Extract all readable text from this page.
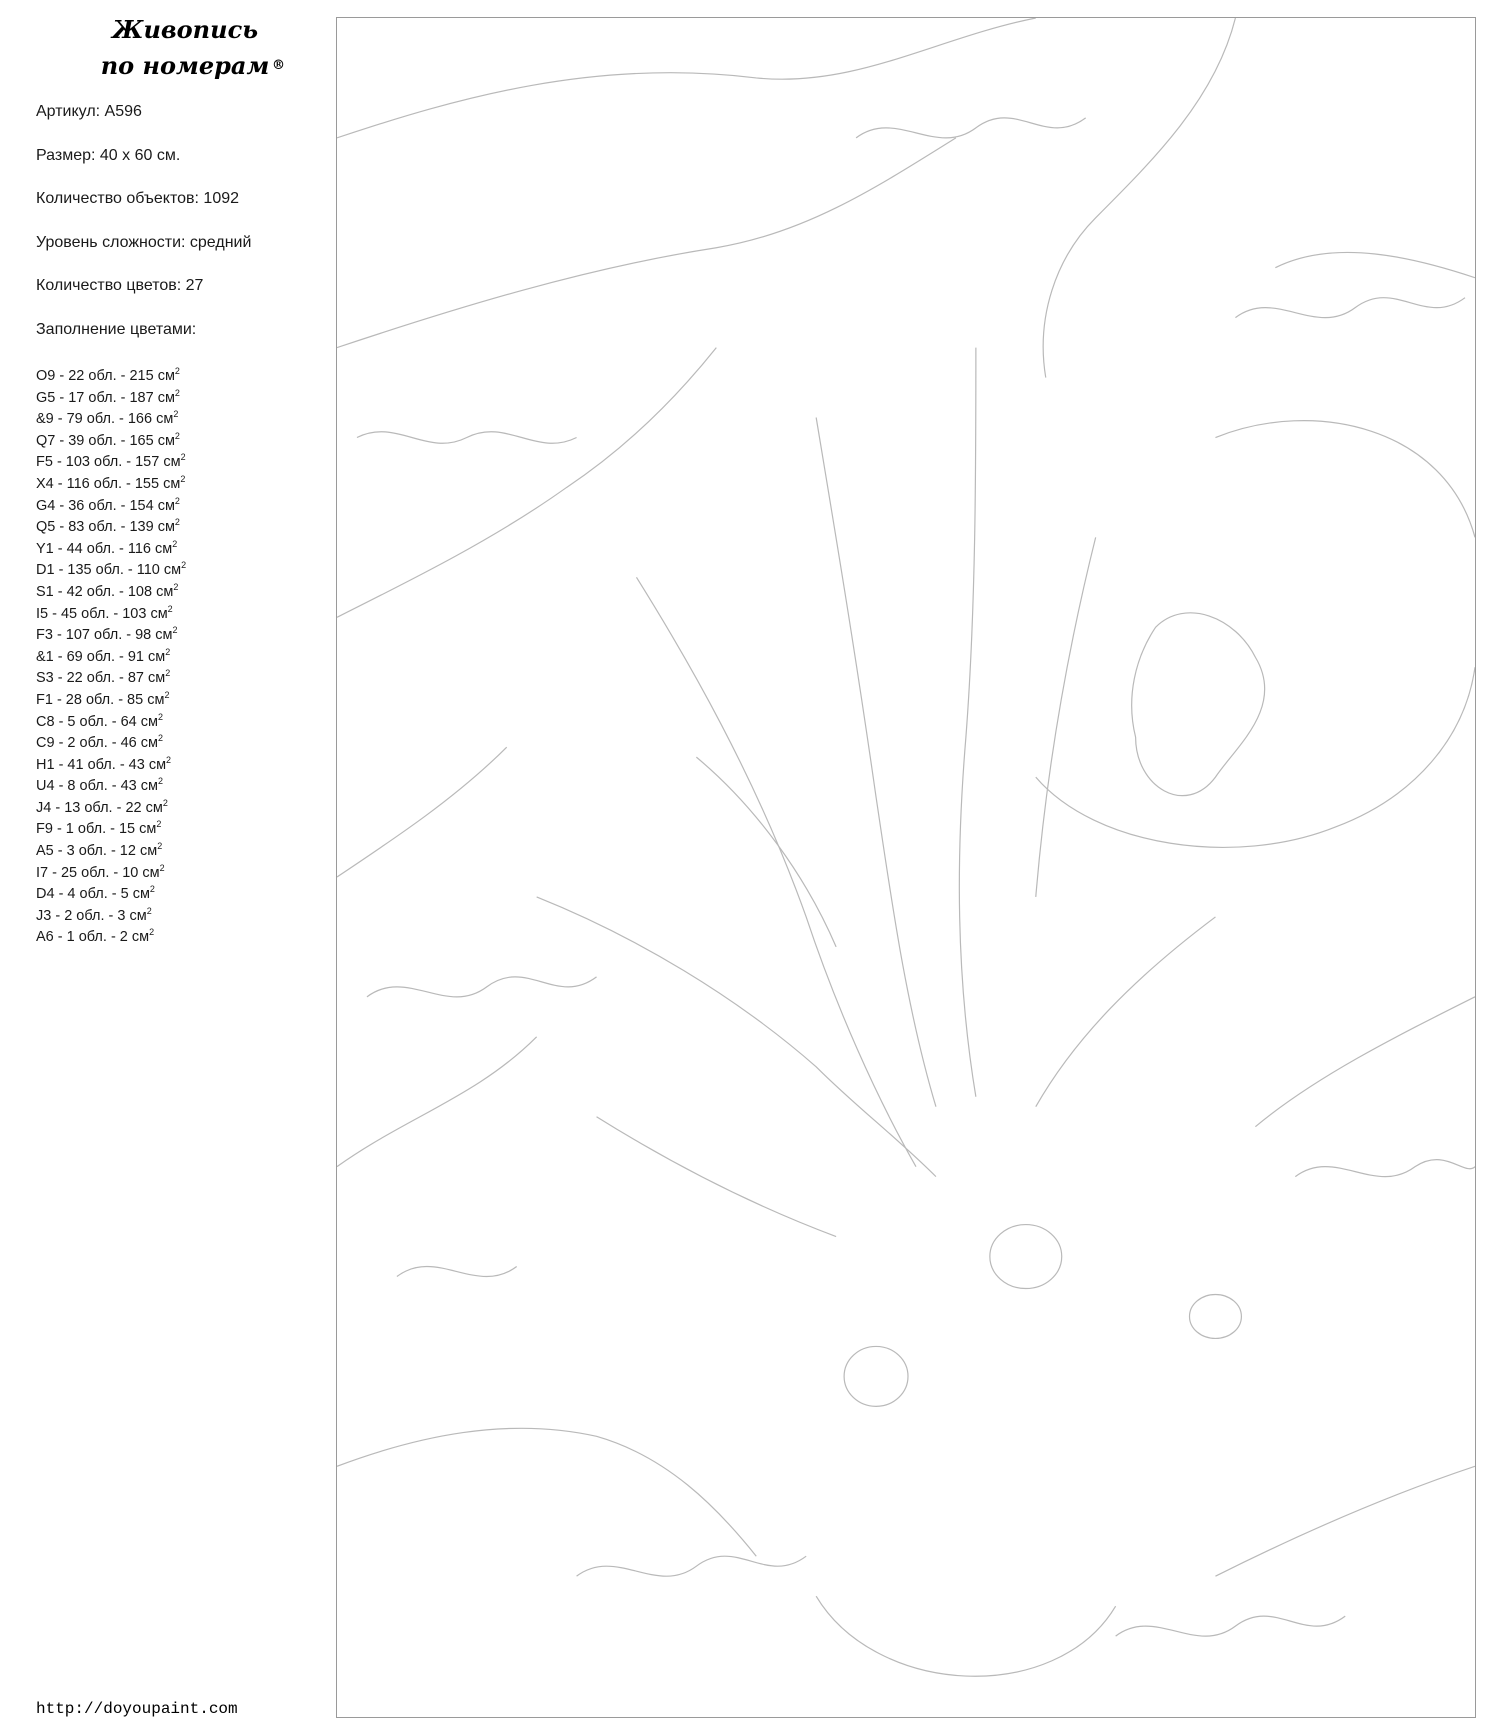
Живопись
по номерам ®
Артикул: A596
Размер: 40 х 60 см.
Количество объектов: 1092
Уровень сложности: средний
Количество цветов: 27
Заполнение цветами:
O9 - 22 обл. - 215 $см^2$
G5 - 17 обл. - 187 $см^2$
&9 - 79 обл. - 166 $см^2$
Q7 - 39 обл. - 165 $см^2$
F5 - 103 обл. - 157 $см^2$
X4 - 116 обл. - 155 $см^2$
G4 - 36 обл. - 154 $см^2$
Q5 - 83 обл. - 139 $см^2$
Y1 - 44 обл. - 116 $см^2$
D1 - 135 обл. - 110 $см^2$
S1 - 42 обл. - 108 $см^2$
I5 - 45 обл. - 103 $см^2$
F3 - 107 обл. - 98 $см^2$
&1 - 69 обл. - 91 $см^2$
S3 - 22 обл. - 87 $см^2$
F1 - 28 обл. - 85 $см^2$
C8 - 5 обл. - 64 $см^2$
C9 - 2 обл. - 46 $см^2$
H1 - 41 обл. - 43 $см^2$
U4 - 8 обл. - 43 $см^2$
J4 - 13 обл. - 22 $см^2$
F9 - 1 обл. - 15 $см^2$
A5 - 3 обл. - 12 $см^2$
I7 - 25 обл. - 10 $см^2$
D4 - 4 обл. - 5 $см^2$
J3 - 2 обл. - 3 $см^2$
A6 - 1 обл. - 2 $см^2$
http://doyoupaint.com
